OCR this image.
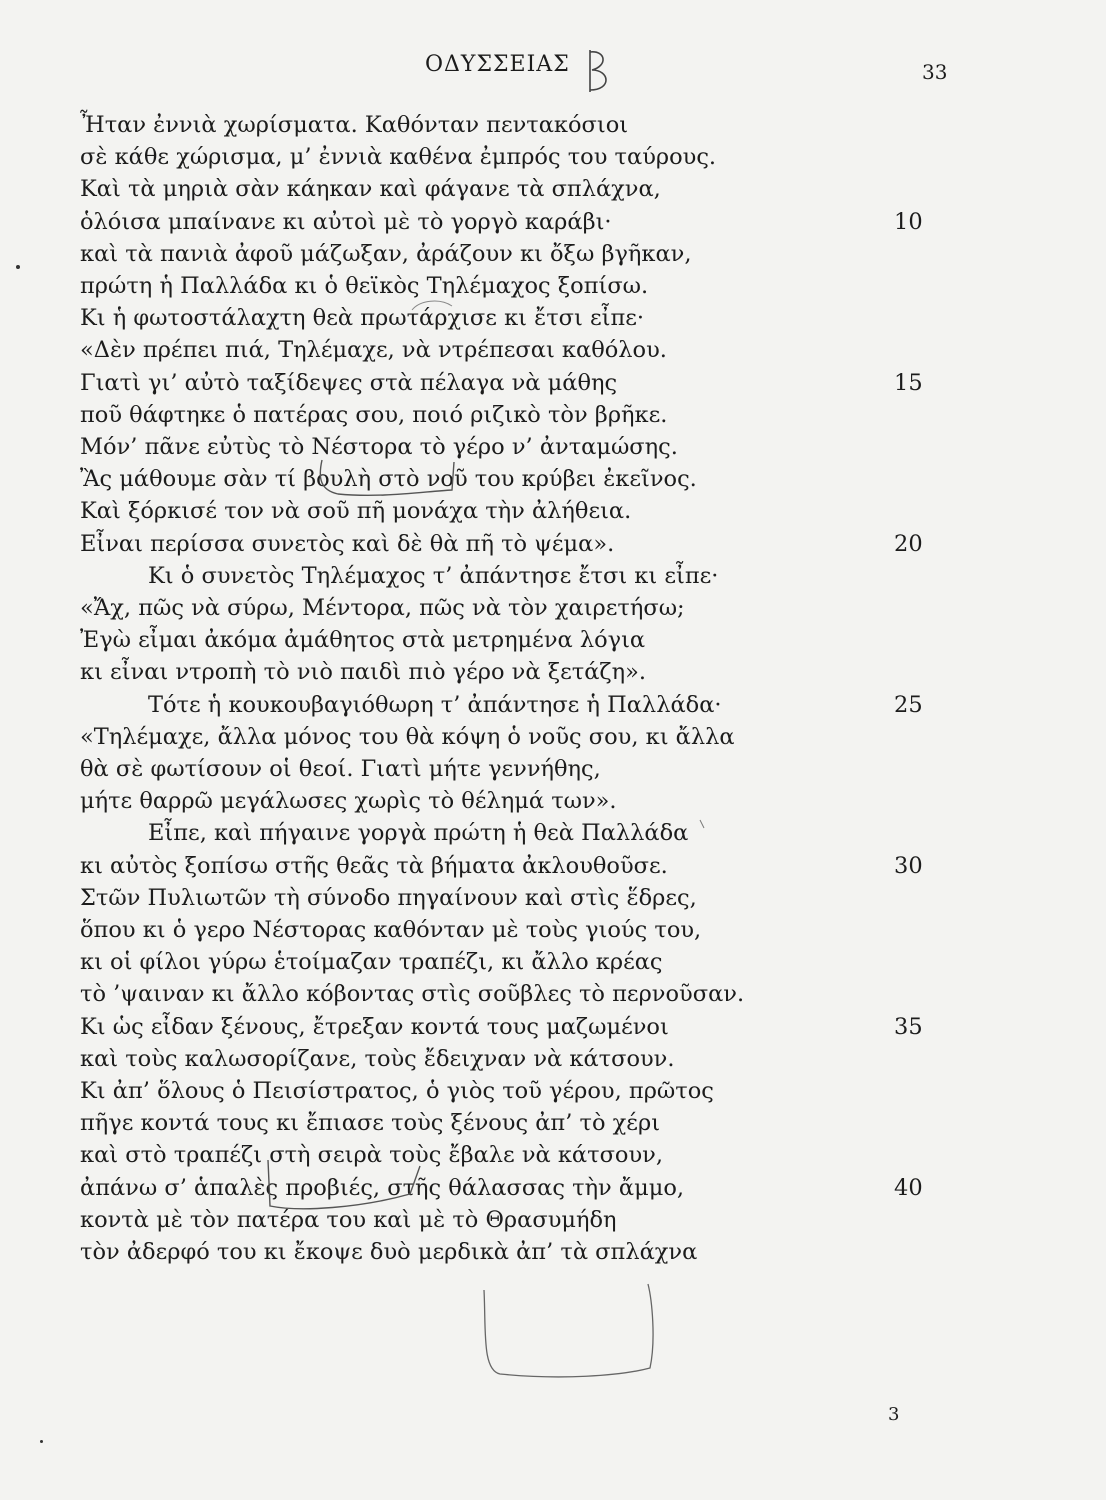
ΟΔΥΣΣΕΙΑΣ	33
Ἦταν ἐννιὰ χωρίσματα. Καθόνταν πεντακόσιοι
σὲ κάθε χώρισμα, μ’ ἐννιὰ καθένα ἐμπρός του ταύρους.
Καὶ τὰ μηριὰ σὰν κάηκαν καὶ φάγανε τὰ σπλάχνα,
ὁλόισα μπαίνανε κι αὐτοὶ μὲ τὸ γοργὸ καράβι·	10
καὶ τὰ πανιὰ ἀφοῦ μάζωξαν, ἀράζουν κι ὄξω βγῆκαν,
πρώτη ἡ Παλλάδα κι ὁ θεϊκὸς Τηλέμαχος ξοπίσω.
Κι ἡ φωτοστάλαχτη θεὰ πρωτάρχισε κι ἔτσι εἶπε·
«Δὲν πρέπει πιά, Τηλέμαχε, νὰ ντρέπεσαι καθόλου.
Γιατὶ γι’ αὐτὸ ταξίδεψες στὰ πέλαγα νὰ μάθης	15
ποῦ θάφτηκε ὁ πατέρας σου, ποιό ριζικὸ τὸν βρῆκε.
Μόν’ πᾶνε εὐτὺς τὸ Νέστορα τὸ γέρο ν’ ἀνταμώσης.
Ἂς μάθουμε σὰν τί βουλὴ στὸ νοῦ του κρύβει ἐκεῖνος.
Καὶ ξόρκισέ τον νὰ σοῦ πῆ μονάχα τὴν ἀλήθεια.
Εἶναι περίσσα συνετὸς καὶ δὲ θὰ πῆ τὸ ψέμα».	20
Κι ὁ συνετὸς Τηλέμαχος τ’ ἀπάντησε ἔτσι κι εἶπε·
«Ἄχ, πῶς νὰ σύρω, Μέντορα, πῶς νὰ τὸν χαιρετήσω;
Ἐγὼ εἶμαι ἀκόμα ἀμάθητος στὰ μετρημένα λόγια
κι εἶναι ντροπὴ τὸ νιὸ παιδὶ πιὸ γέρο νὰ ξετάζη».
Τότε ἡ κουκουβαγιόθωρη τ’ ἀπάντησε ἡ Παλλάδα·	25
«Τηλέμαχε, ἄλλα μόνος του θὰ κόψη ὁ νοῦς σου, κι ἄλλα
θὰ σὲ φωτίσουν οἱ θεοί. Γιατὶ μήτε γεννήθης,
μήτε θαρρῶ μεγάλωσες χωρὶς τὸ θέλημά των».
Εἶπε, καὶ πήγαινε γοργὰ πρώτη ἡ θεὰ Παλλάδα
κι αὐτὸς ξοπίσω στῆς θεᾶς τὰ βήματα ἀκλουθοῦσε.	30
Στῶν Πυλιωτῶν τὴ σύνοδο πηγαίνουν καὶ στὶς ἕδρες,
ὅπου κι ὁ γερο Νέστορας καθόνταν μὲ τοὺς γιούς του,
κι οἱ φίλοι γύρω ἑτοίμαζαν τραπέζι, κι ἄλλο κρέας
τὸ ’ψαιναν κι ἄλλο κόβοντας στὶς σοῦβλες τὸ περνοῦσαν.
Κι ὡς εἶδαν ξένους, ἔτρεξαν κοντά τους μαζωμένοι	35
καὶ τοὺς καλωσορίζανε, τοὺς ἔδειχναν νὰ κάτσουν.
Κι ἀπ’ ὅλους ὁ Πεισίστρατος, ὁ γιὸς τοῦ γέρου, πρῶτος
πῆγε κοντά τους κι ἔπιασε τοὺς ξένους ἀπ’ τὸ χέρι
καὶ στὸ τραπέζι στὴ σειρὰ τοὺς ἔβαλε νὰ κάτσουν,
ἀπάνω σ’ ἁπαλὲς προβιές, στῆς θάλασσας τὴν ἄμμο,	40
κοντὰ μὲ τὸν πατέρα του καὶ μὲ τὸ Θρασυμήδη
τὸν ἀδερφό του κι ἔκοψε δυὸ μερδικὰ ἀπ’ τὰ σπλάχνα
3
